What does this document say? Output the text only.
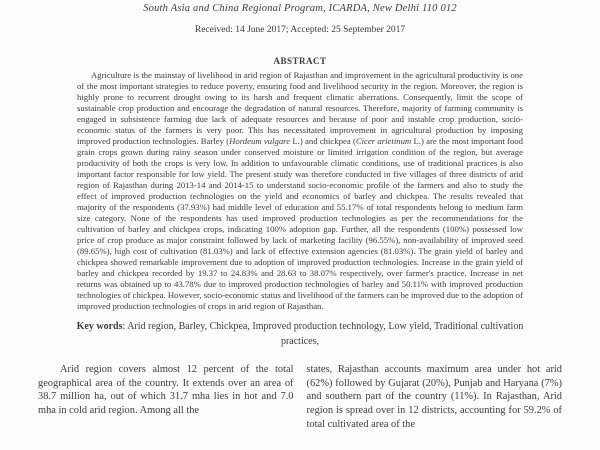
South Asia and China Regional Program, ICARDA, New Delhi 110 012
Received: 14 June 2017; Accepted: 25 September 2017
ABSTRACT

Agriculture is the mainstay of livelihood in arid region of Rajasthan and improvement in the agricultural productivity is one of the most important strategies to reduce poverty, ensuring food and livelihood security in the region. Moreover, the region is highly prone to recurrent drought owing to its harsh and frequent climatic aberrations. Consequently, limit the scope of sustainable crop production and encourage the degradation of natural resources. Therefore, majority of farming community is engaged in subsistence farming due lack of adequate resources and because of poor and instable crop production, socio-economic status of the farmers is very poor. This has necessitated improvement in agricultural production by imposing improved production technologies. Barley (Hordeum vulgare L.) and chickpea (Cicer arietinum L.) are the most important food grain crops grown during rainy season under conserved moisture or limited irrigation condition of the region, but average productivity of both the crops is very low. In addition to unfavourable climatic conditions, use of traditional practices is also important factor responsible for low yield. The present study was therefore conducted in five villages of three districts of arid region of Rajasthan during 2013-14 and 2014-15 to understand socio-economic profile of the farmers and also to study the effect of improved production technologies on the yield and economics of barley and chickpea. The results revealed that majority of the respondents (37.93%) had middle level of education and 55.17% of total respondents belong to medium farm size category. None of the respondents has used improved production technologies as per the recommendations for the cultivation of barley and chickpea crops, indicating 100% adoption gap. Further, all the respondents (100%) possessed low price of crop produce as major constraint followed by lack of marketing facility (96.55%), non-availability of improved seed (89.65%), high cost of cultivation (81.03%) and lack of effective extension agencies (81.03%). The grain yield of barley and chickpea showed remarkable improvement due to adoption of improved production technologies. Increase in the grain yield of barley and chickpea recorded by 19.37 to 24.83% and 28.63 to 38.07% respectively, over farmer's practice. Increase in net returns was obtained up to 43.78% due to improved production technologies of barley and 50.11% with improved production technologies of chickpea. However, socio-economic status and livelihood of the farmers can be improved due to the adoption of improved production technologies of crops in arid region of Rajasthan.

Key words: Arid region, Barley, Chickpea, Improved production technology, Low yield, Traditional cultivation practices,

Arid region covers almost 12 percent of the total geographical area of the country. It extends over an area of 38.7 million ha, out of which 31.7 mha lies in hot and 7.0 mha in cold arid region. Among all the

states, Rajasthan accounts maximum area under hot arid (62%) followed by Gujarat (20%), Punjab and Haryana (7%) and southern part of the country (11%). In Rajasthan, Arid region is spread over in 12 districts, accounting for 59.2% of total cultivated area of the
